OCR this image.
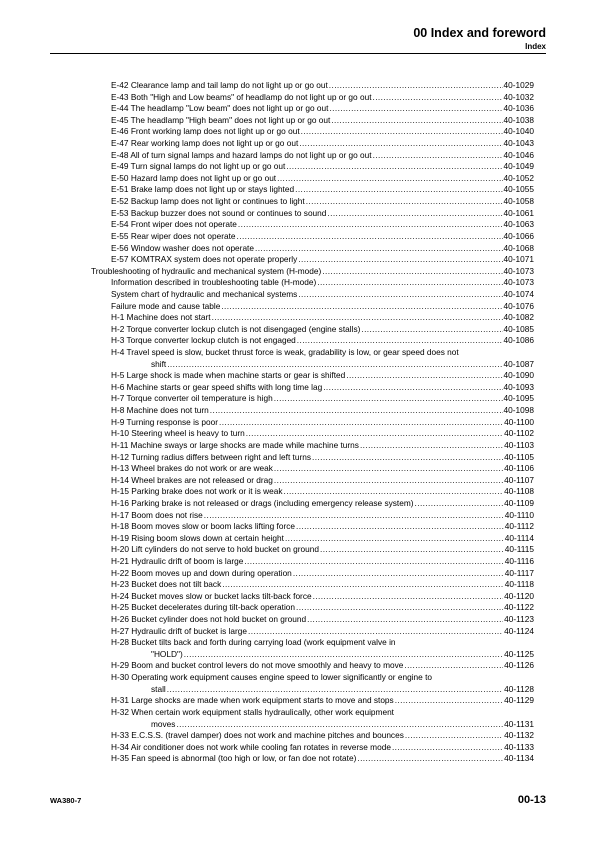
00 Index and foreword
Index
E-42 Clearance lamp and tail lamp do not light up or go out .....	40-1029
E-43 Both "High and Low beams" of headlamp do not light up or go out .....	40-1032
E-44 The headlamp "Low beam" does not light up or go out .....	40-1036
E-45 The headlamp "High beam" does not light up or go out .....	40-1038
E-46 Front working lamp does not light up or go out .....	40-1040
E-47 Rear working lamp does not light up or go out .....	40-1043
E-48 All of turn signal lamps and hazard lamps do not light up or go out .....	40-1046
E-49 Turn signal lamps do not light up or go out .....	40-1049
E-50 Hazard lamp does not light up or go out .....	40-1052
E-51 Brake lamp does not light up or stays lighted .....	40-1055
E-52 Backup lamp does not light or continues to light .....	40-1058
E-53 Backup buzzer does not sound or continues to sound .....	40-1061
E-54 Front wiper does not operate .....	40-1063
E-55 Rear wiper does not operate .....	40-1066
E-56 Window washer does not operate .....	40-1068
E-57 KOMTRAX system does not operate properly .....	40-1071
Troubleshooting of hydraulic and mechanical system (H-mode) .....	40-1073
Information described in troubleshooting table (H-mode) .....	40-1073
System chart of hydraulic and mechanical systems .....	40-1074
Failure mode and cause table .....	40-1076
H-1 Machine does not start .....	40-1082
H-2 Torque converter lockup clutch is not disengaged (engine stalls) .....	40-1085
H-3 Torque converter lockup clutch is not engaged .....	40-1086
H-4 Travel speed is slow, bucket thrust force is weak, gradability is low, or gear speed does not
shift .....	40-1087
H-5 Large shock is made when machine starts or gear is shifted .....	40-1090
H-6 Machine starts or gear speed shifts with long time lag .....	40-1093
H-7 Torque converter oil temperature is high .....	40-1095
H-8 Machine does not turn .....	40-1098
H-9 Turning response is poor .....	40-1100
H-10 Steering wheel is heavy to turn .....	40-1102
H-11 Machine sways or large shocks are made while machine turns .....	40-1103
H-12 Turning radius differs between right and left turns .....	40-1105
H-13 Wheel brakes do not work or are weak .....	40-1106
H-14 Wheel brakes are not released or drag .....	40-1107
H-15 Parking brake does not work or it is weak .....	40-1108
H-16 Parking brake is not released or drags (including emergency release system) .....	40-1109
H-17 Boom does not rise .....	40-1110
H-18 Boom moves slow or boom lacks lifting force .....	40-1112
H-19 Rising boom slows down at certain height .....	40-1114
H-20 Lift cylinders do not serve to hold bucket on ground .....	40-1115
H-21 Hydraulic drift of boom is large .....	40-1116
H-22 Boom moves up and down during operation .....	40-1117
H-23 Bucket does not tilt back .....	40-1118
H-24 Bucket moves slow or bucket lacks tilt-back force .....	40-1120
H-25 Bucket decelerates during tilt-back operation .....	40-1122
H-26 Bucket cylinder does not hold bucket on ground .....	40-1123
H-27 Hydraulic drift of bucket is large .....	40-1124
H-28 Bucket tilts back and forth during carrying load (work equipment valve in
"HOLD") .....	40-1125
H-29 Boom and bucket control levers do not move smoothly and heavy to move .....	40-1126
H-30 Operating work equipment causes engine speed to lower significantly or engine to
stall .....	40-1128
H-31 Large shocks are made when work equipment starts to move and stops .....	40-1129
H-32 When certain work equipment stalls hydraulically, other work equipment
moves .....	40-1131
H-33 E.C.S.S. (travel damper) does not work and machine pitches and bounces .....	40-1132
H-34 Air conditioner does not work while cooling fan rotates in reverse mode .....	40-1133
H-35 Fan speed is abnormal (too high or low, or fan doe not rotate) .....	40-1134
WA380-7	00-13
